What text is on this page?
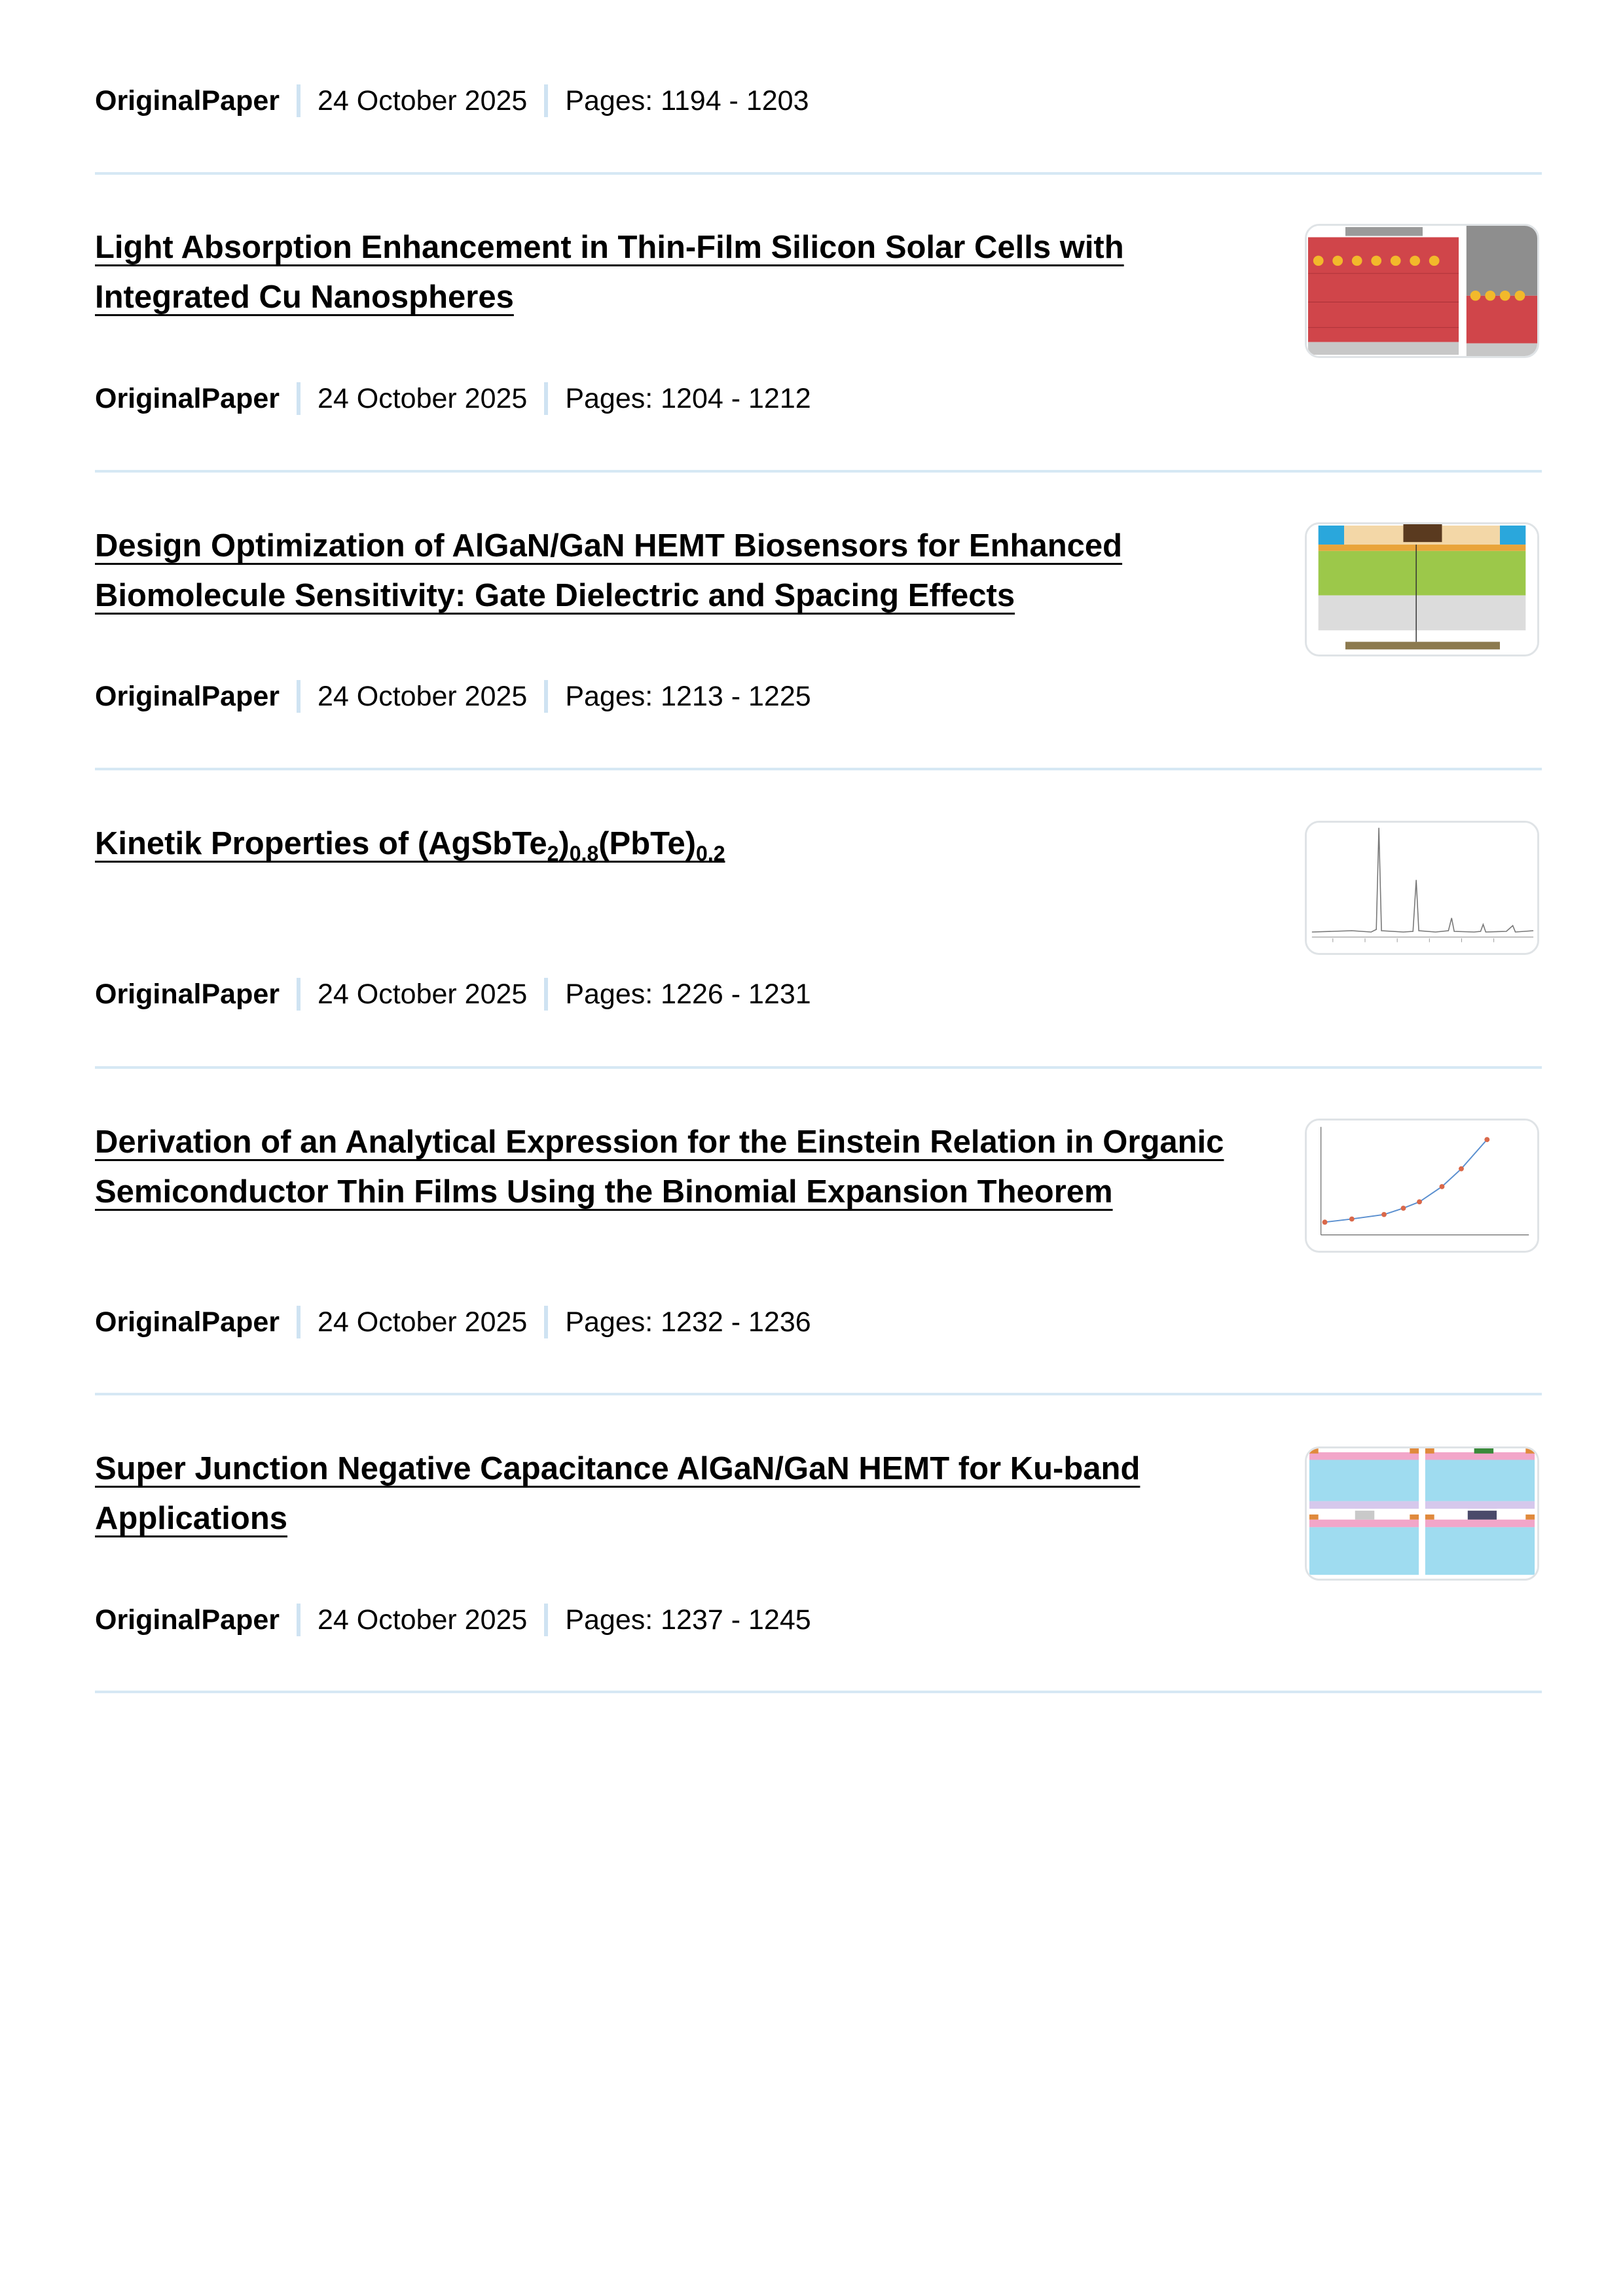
OriginalPaper 24 October 2025 Pages: 1194 - 1203
Light Absorption Enhancement in Thin-Film Silicon Solar Cells with Integrated Cu Nanospheres
OriginalPaper 24 October 2025 Pages: 1204 - 1212
Design Optimization of AlGaN/GaN HEMT Biosensors for Enhanced Biomolecule Sensitivity: Gate Dielectric and Spacing Effects
OriginalPaper 24 October 2025 Pages: 1213 - 1225
Kinetik Properties of $(AgSbTe_2)_{0.8}(PbTe)_{0.2}$
OriginalPaper 24 October 2025 Pages: 1226 - 1231
Derivation of an Analytical Expression for the Einstein Relation in Organic Semiconductor Thin Films Using the Binomial Expansion Theorem
OriginalPaper 24 October 2025 Pages: 1232 - 1236
Super Junction Negative Capacitance AlGaN/GaN HEMT for Ku-band Applications
OriginalPaper 24 October 2025 Pages: 1237 - 1245
